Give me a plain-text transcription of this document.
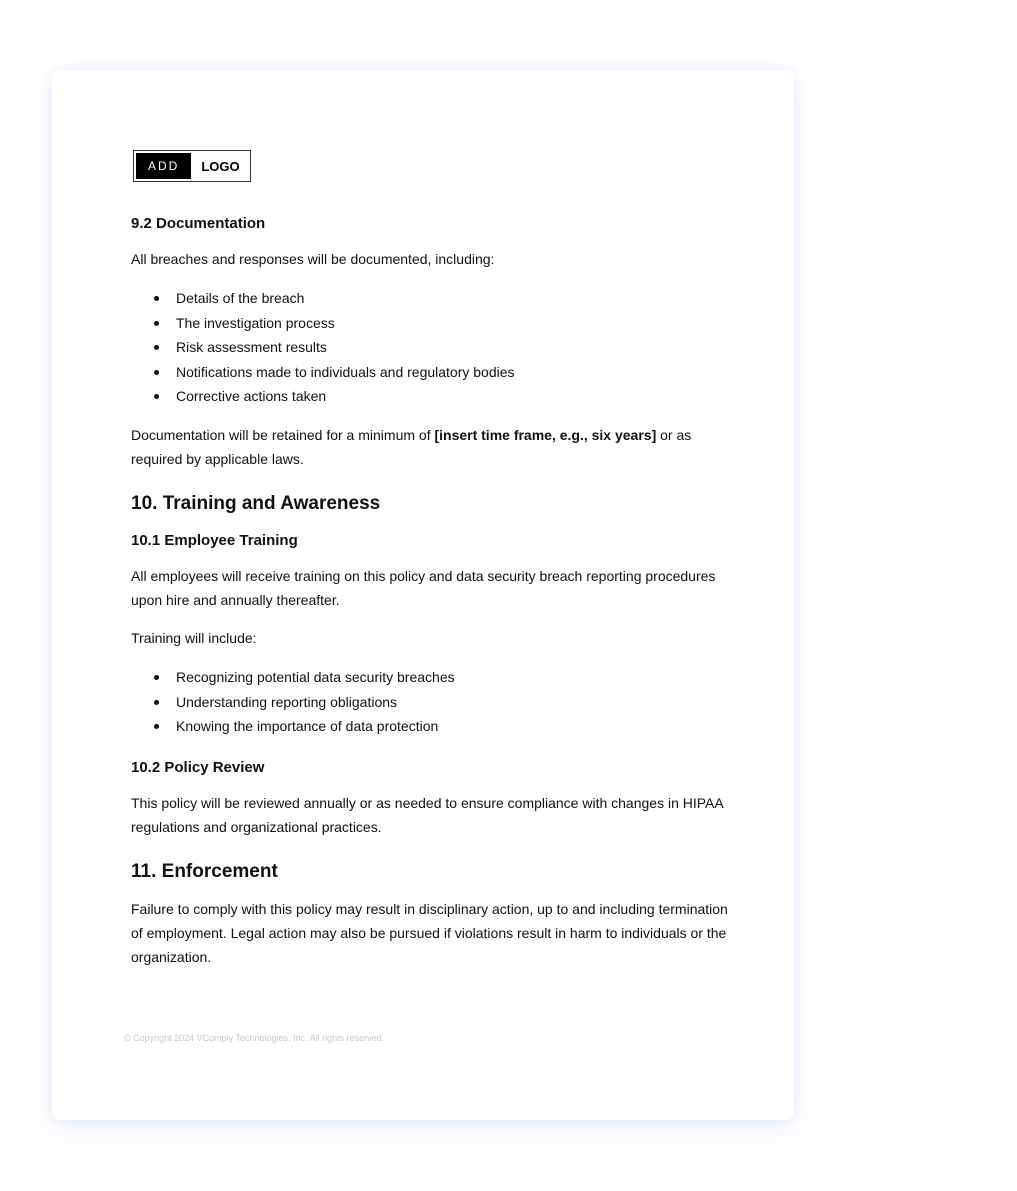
ADD	LOGO
9.2 Documentation

All breaches and responses will be documented, including:

Details of the breach
The investigation process
Risk assessment results
Notifications made to individuals and regulatory bodies
Corrective actions taken

Documentation will be retained for a minimum of [insert time frame, e.g., six years] or as required by applicable laws.

10. Training and Awareness
10.1 Employee Training

All employees will receive training on this policy and data security breach reporting procedures upon hire and annually thereafter.

Training will include:

Recognizing potential data security breaches
Understanding reporting obligations
Knowing the importance of data protection
10.2 Policy Review

This policy will be reviewed annually or as needed to ensure compliance with changes in HIPAA regulations and organizational practices.

11. Enforcement

Failure to comply with this policy may result in disciplinary action, up to and including termination of employment. Legal action may also be pursued if violations result in harm to individuals or the organization.

© Copyright 2024 VComply Technologies, Inc. All rights reserved.
